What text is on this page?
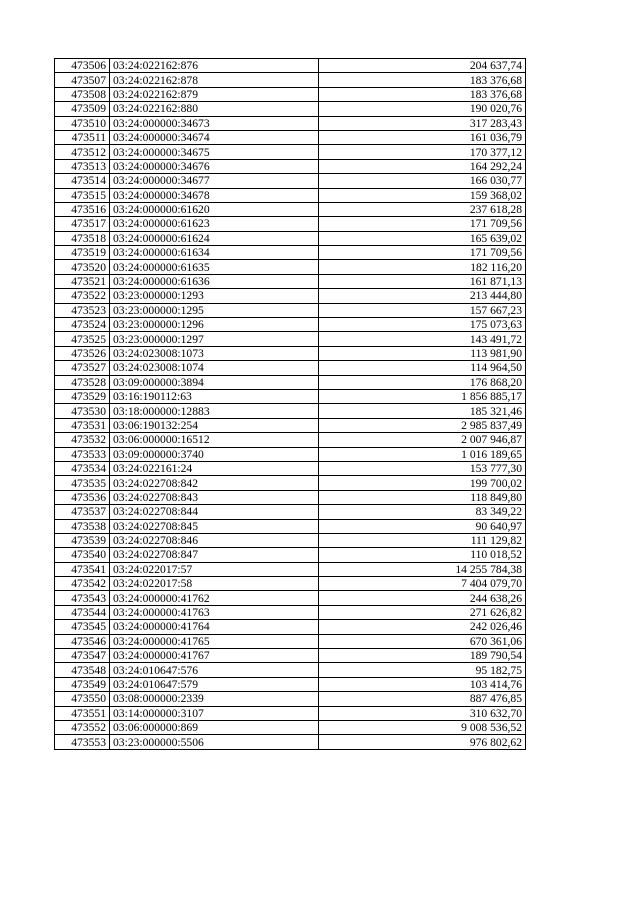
473506	03:24:022162:876	204 637,74
473507	03:24:022162:878	183 376,68
473508	03:24:022162:879	183 376,68
473509	03:24:022162:880	190 020,76
473510	03:24:000000:34673	317 283,43
473511	03:24:000000:34674	161 036,79
473512	03:24:000000:34675	170 377,12
473513	03:24:000000:34676	164 292,24
473514	03:24:000000:34677	166 030,77
473515	03:24:000000:34678	159 368,02
473516	03:24:000000:61620	237 618,28
473517	03:24:000000:61623	171 709,56
473518	03:24:000000:61624	165 639,02
473519	03:24:000000:61634	171 709,56
473520	03:24:000000:61635	182 116,20
473521	03:24:000000:61636	161 871,13
473522	03:23:000000:1293	213 444,80
473523	03:23:000000:1295	157 667,23
473524	03:23:000000:1296	175 073,63
473525	03:23:000000:1297	143 491,72
473526	03:24:023008:1073	113 981,90
473527	03:24:023008:1074	114 964,50
473528	03:09:000000:3894	176 868,20
473529	03:16:190112:63	1 856 885,17
473530	03:18:000000:12883	185 321,46
473531	03:06:190132:254	2 985 837,49
473532	03:06:000000:16512	2 007 946,87
473533	03:09:000000:3740	1 016 189,65
473534	03:24:022161:24	153 777,30
473535	03:24:022708:842	199 700,02
473536	03:24:022708:843	118 849,80
473537	03:24:022708:844	83 349,22
473538	03:24:022708:845	90 640,97
473539	03:24:022708:846	111 129,82
473540	03:24:022708:847	110 018,52
473541	03:24:022017:57	14 255 784,38
473542	03:24:022017:58	7 404 079,70
473543	03:24:000000:41762	244 638,26
473544	03:24:000000:41763	271 626,82
473545	03:24:000000:41764	242 026,46
473546	03:24:000000:41765	670 361,06
473547	03:24:000000:41767	189 790,54
473548	03:24:010647:576	95 182,75
473549	03:24:010647:579	103 414,76
473550	03:08:000000:2339	887 476,85
473551	03:14:000000:3107	310 632,70
473552	03:06:000000:869	9 008 536,52
473553	03:23:000000:5506	976 802,62
